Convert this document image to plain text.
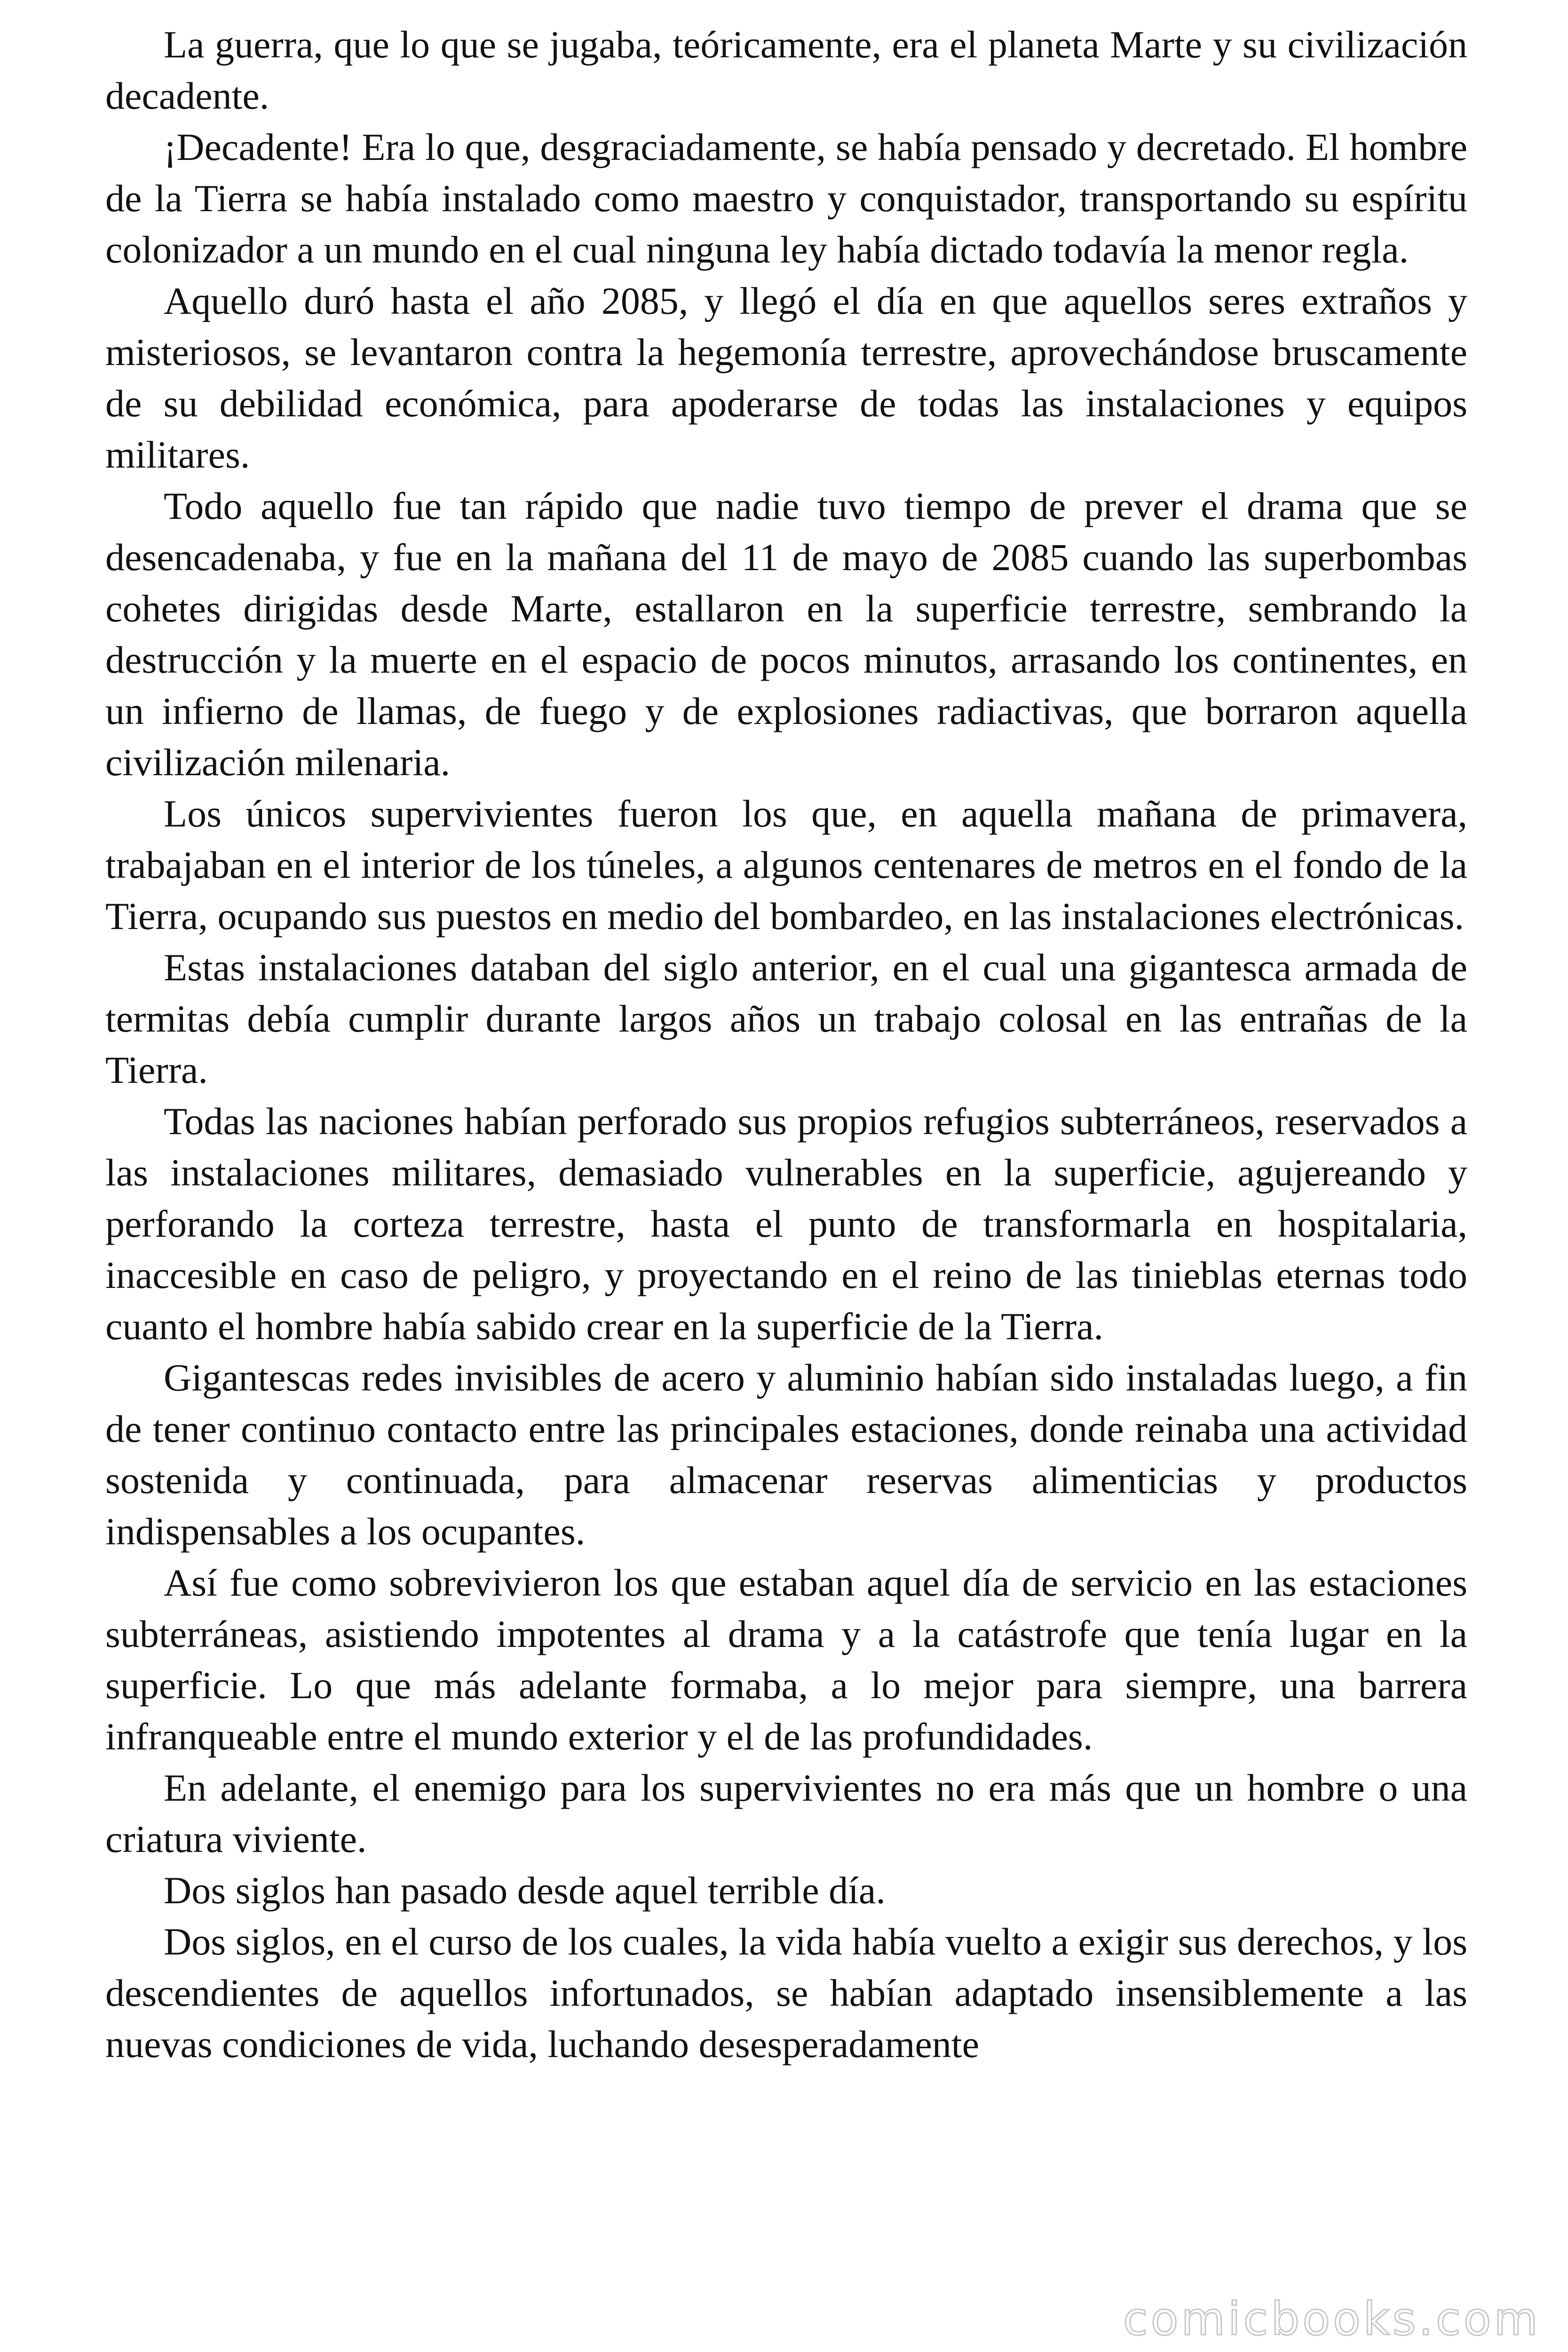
La guerra, que lo que se jugaba, teóricamente, era el planeta Marte y su civilización decadente.

¡Decadente! Era lo que, desgraciadamente, se había pensado y decretado. El hombre de la Tierra se había instalado como maestro y conquistador, transportando su espíritu colonizador a un mundo en el cual ninguna ley había dictado todavía la menor regla.

Aquello duró hasta el año 2085, y llegó el día en que aquellos seres extraños y misteriosos, se levantaron contra la hegemonía terrestre, aprovechándose bruscamente de su debilidad económica, para apoderarse de todas las instalaciones y equipos militares.

Todo aquello fue tan rápido que nadie tuvo tiempo de prever el drama que se desencadenaba, y fue en la mañana del 11 de mayo de 2085 cuando las superbombas cohetes dirigidas desde Marte, estallaron en la superficie terrestre, sembrando la destrucción y la muerte en el espacio de pocos minutos, arrasando los continentes, en un infierno de llamas, de fuego y de explosiones radiactivas, que borraron aquella civilización milenaria.

Los únicos supervivientes fueron los que, en aquella mañana de primavera, trabajaban en el interior de los túneles, a algunos centenares de metros en el fondo de la Tierra, ocupando sus puestos en medio del bombardeo, en las instalaciones electrónicas.

Estas instalaciones databan del siglo anterior, en el cual una gigantesca armada de termitas debía cumplir durante largos años un trabajo colosal en las entrañas de la Tierra.

Todas las naciones habían perforado sus propios refugios subterráneos, reservados a las instalaciones militares, demasiado vulnerables en la superficie, agujereando y perforando la corteza terrestre, hasta el punto de transformarla en hospitalaria, inaccesible en caso de peligro, y proyectando en el reino de las tinieblas eternas todo cuanto el hombre había sabido crear en la superficie de la Tierra.

Gigantescas redes invisibles de acero y aluminio habían sido instaladas luego, a fin de tener continuo contacto entre las principales estaciones, donde reinaba una actividad sostenida y continuada, para almacenar reservas alimenticias y productos indispensables a los ocupantes.

Así fue como sobrevivieron los que estaban aquel día de servicio en las estaciones subterráneas, asistiendo impotentes al drama y a la catástrofe que tenía lugar en la superficie. Lo que más adelante formaba, a lo mejor para siempre, una barrera infranqueable entre el mundo exterior y el de las profundidades.

En adelante, el enemigo para los supervivientes no era más que un hombre o una criatura viviente.

Dos siglos han pasado desde aquel terrible día.

Dos siglos, en el curso de los cuales, la vida había vuelto a exigir sus derechos, y los descendientes de aquellos infortunados, se habían adaptado insensiblemente a las nuevas condiciones de vida, luchando desesperadamente

comicbooks.com
